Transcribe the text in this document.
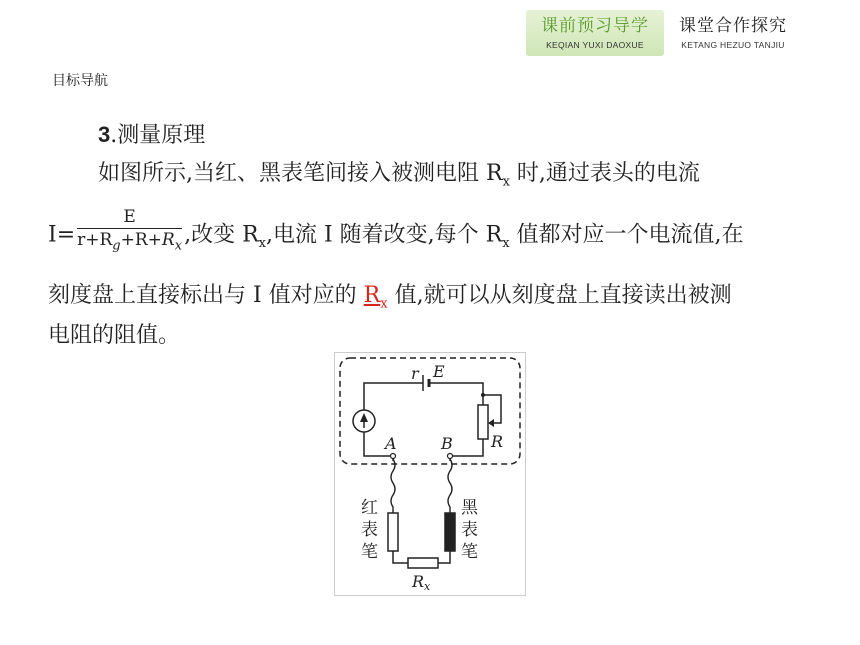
课前预习导学
KEQIAN YUXI DAOXUE
课堂合作探究
KETANG HEZUO TANJIU
目标导航
3.测量原理
如图所示,当红、黑表笔间接入被测电阻 $R_x$ 时,通过表头的电流
$I= \frac{E}{r+R_g+R+R_x}$ ,改变 $R_x$,电流 I 随着改变,每个 $R_x$ 值都对应一个电流值,在
刻度盘上直接标出与 I 值对应的 $R_x$ 值,就可以从刻度盘上直接读出被测
电阻的阻值。
r E
A	B R
红
表
笔
黑
表
笔
Rx
